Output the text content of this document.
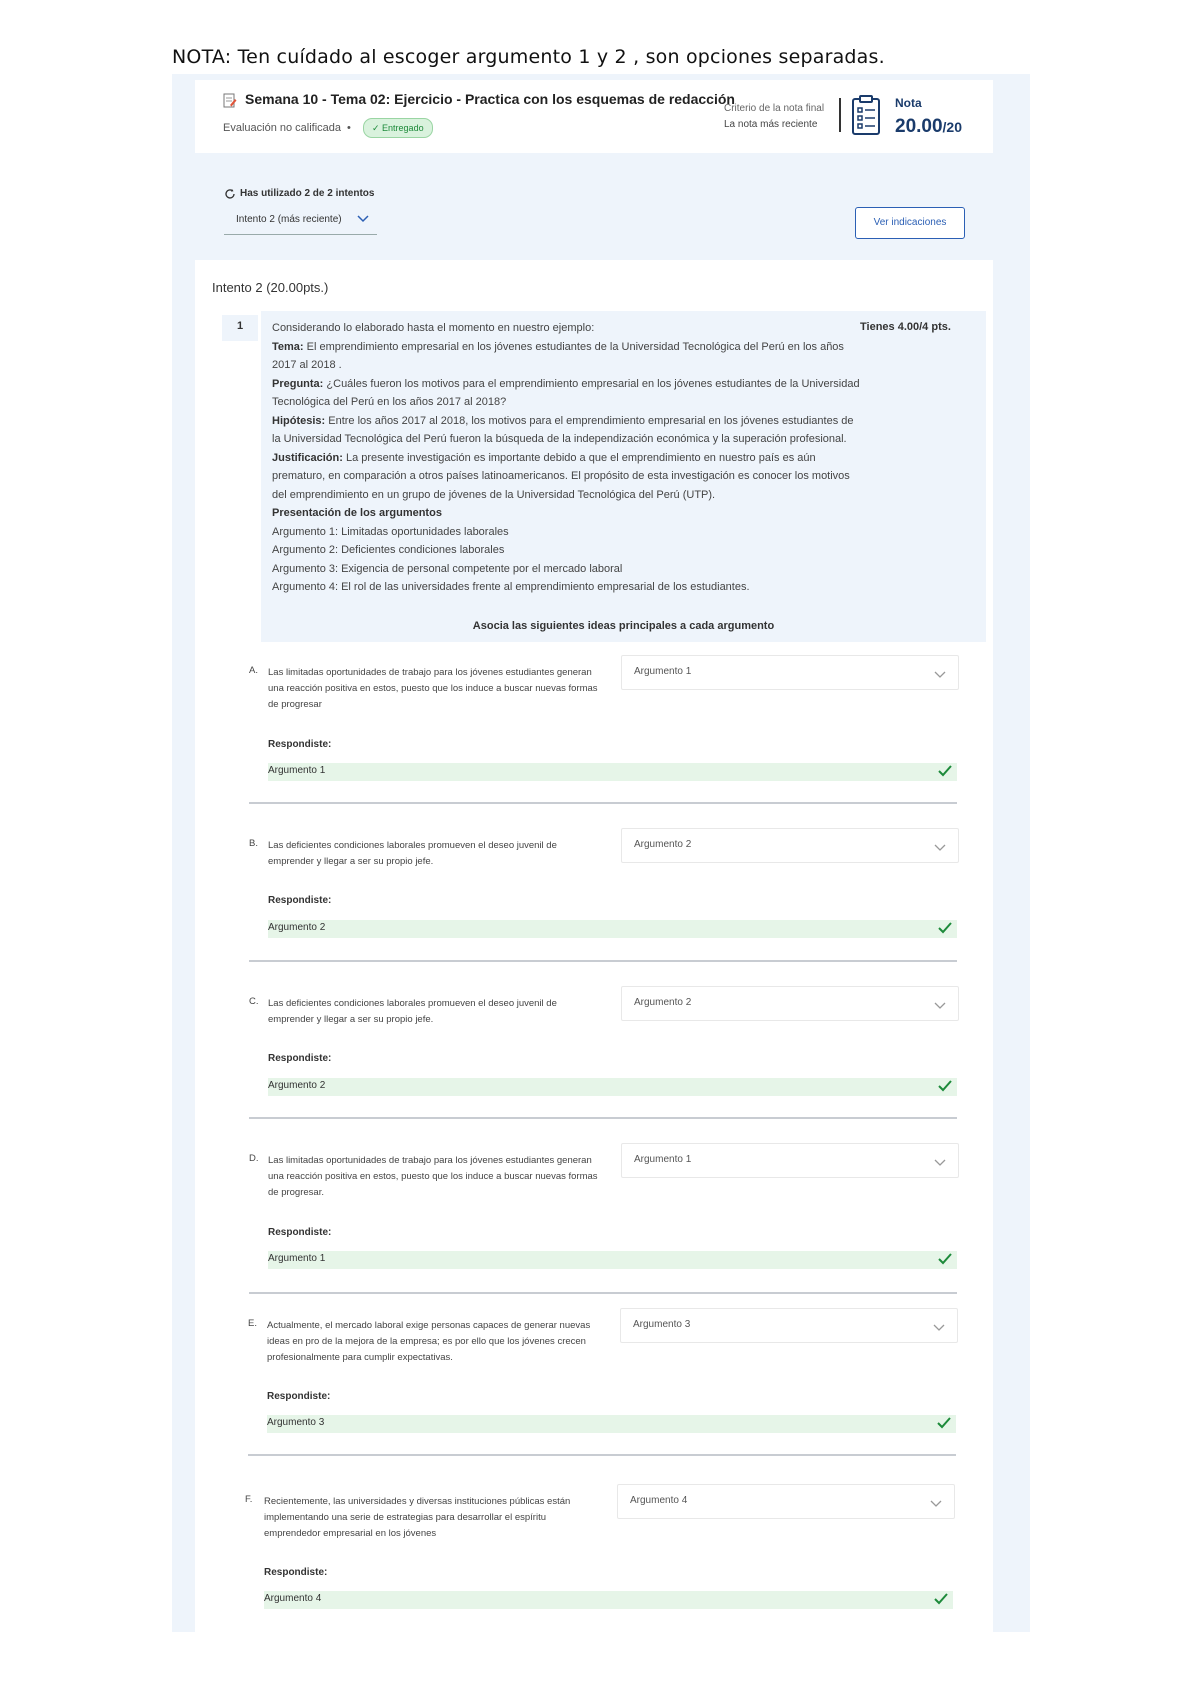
NOTA: Ten cuídado al escoger argumento 1 y 2 , son opciones separadas.
Semana 10 - Tema 02: Ejercicio - Practica con los esquemas de redacción
Evaluación no calificada •	✓ Entregado
Criterio de la nota final
La nota más reciente
Nota
20.00/20
Has utilizado 2 de 2 intentos
Intento 2 (más reciente)	Ver indicaciones
Intento 2 (20.00pts.)
1	Considerando lo elaborado hasta el momento en nuestro ejemplo:
Tema: El emprendimiento empresarial en los jóvenes estudiantes de la Universidad Tecnológica del Perú en los años 2017 al 2018 .
Pregunta: ¿Cuáles fueron los motivos para el emprendimiento empresarial en los jóvenes estudiantes de la Universidad Tecnológica del Perú en los años 2017 al 2018?
Hipótesis: Entre los años 2017 al 2018, los motivos para el emprendimiento empresarial en los jóvenes estudiantes de la Universidad Tecnológica del Perú fueron la búsqueda de la independización económica y la superación profesional.
Justificación: La presente investigación es importante debido a que el emprendimiento en nuestro país es aún prematuro, en comparación a otros países latinoamericanos. El propósito de esta investigación es conocer los motivos del emprendimiento en un grupo de jóvenes de la Universidad Tecnológica del Perú (UTP).
Presentación de los argumentos
Argumento 1: Limitadas oportunidades laborales
Argumento 2: Deficientes condiciones laborales
Argumento 3: Exigencia de personal competente por el mercado laboral
Argumento 4: El rol de las universidades frente al emprendimiento empresarial de los estudiantes.
Tienes 4.00/4 pts.
Asocia las siguientes ideas principales a cada argumento
A. Las limitadas oportunidades de trabajo para los jóvenes estudiantes generan una reacción positiva en estos, puesto que los induce a buscar nuevas formas de progresar
Argumento 1
Respondiste:
Argumento 1
B. Las deficientes condiciones laborales promueven el deseo juvenil de emprender y llegar a ser su propio jefe.
Argumento 2
Respondiste:
Argumento 2
C. Las deficientes condiciones laborales promueven el deseo juvenil de emprender y llegar a ser su propio jefe.
Argumento 2
Respondiste:
Argumento 2
D. Las limitadas oportunidades de trabajo para los jóvenes estudiantes generan una reacción positiva en estos, puesto que los induce a buscar nuevas formas de progresar.
Argumento 1
Respondiste:
Argumento 1
E. Actualmente, el mercado laboral exige personas capaces de generar nuevas ideas en pro de la mejora de la empresa; es por ello que los jóvenes crecen profesionalmente para cumplir expectativas.
Argumento 3
Respondiste:
Argumento 3
F. Recientemente, las universidades y diversas instituciones públicas están implementando una serie de estrategias para desarrollar el espíritu emprendedor empresarial en los jóvenes
Argumento 4
Respondiste:
Argumento 4
